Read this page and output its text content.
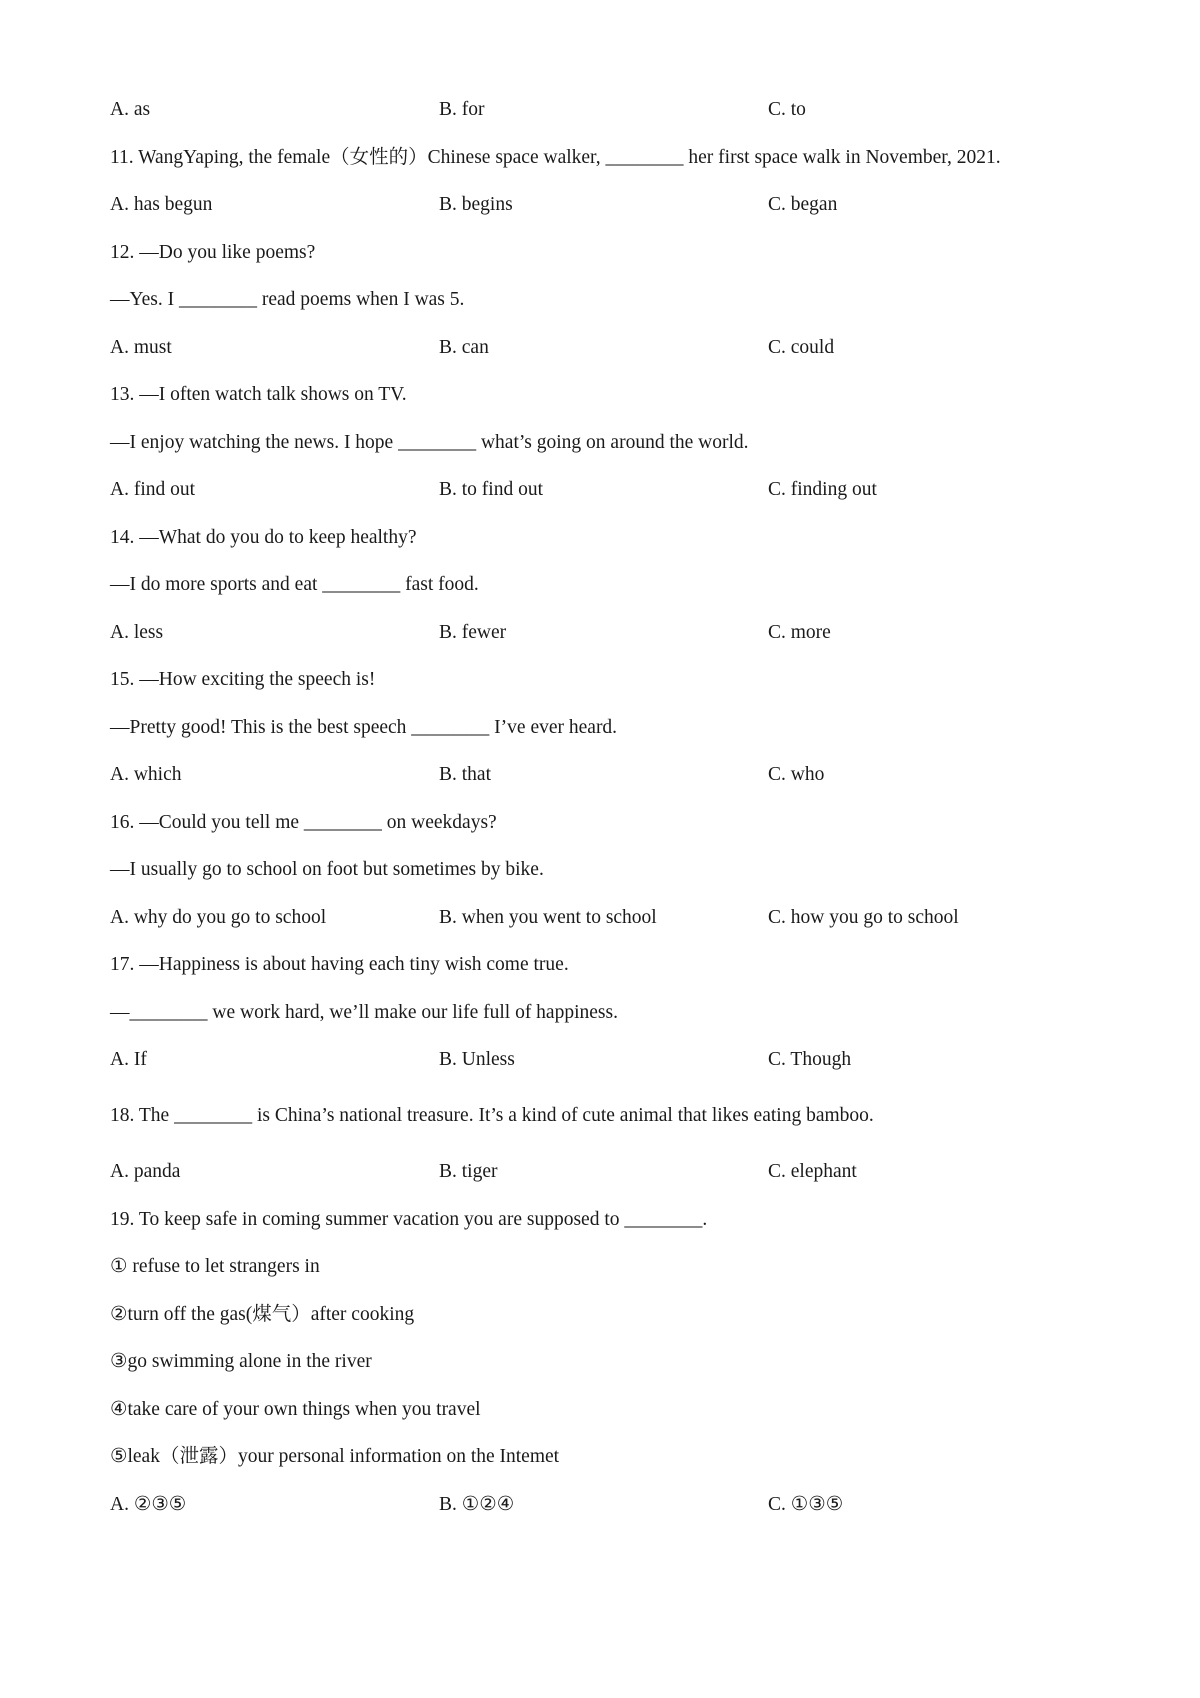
A. as	B. for	C. to
11. WangYaping, the female（女性的）Chinese space walker, ________ her first space walk in November, 2021.
A. has begun	B. begins	C. began
12. —Do you like poems?
—Yes. I ________ read poems when I was 5.
A. must	B. can	C. could
13. —I often watch talk shows on TV.
—I enjoy watching the news. I hope ________ what’s going on around the world.
A. find out	B. to find out	C. finding out
14. —What do you do to keep healthy?
—I do more sports and eat ________ fast food.
A. less	B. fewer	C. more
15. —How exciting the speech is!
—Pretty good! This is the best speech ________ I’ve ever heard.
A. which	B. that	C. who
16. —Could you tell me ________ on weekdays?
—I usually go to school on foot but sometimes by bike.
A. why do you go to school	B. when you went to school	C. how you go to school
17. —Happiness is about having each tiny wish come true.
—________ we work hard, we’ll make our life full of happiness.
A. If	B. Unless	C. Though
18. The ________ is China’s national treasure. It’s a kind of cute animal that likes eating bamboo.
A. panda	B. tiger	C. elephant
19. To keep safe in coming summer vacation you are supposed to ________.
① refuse to let strangers in
②turn off the gas(煤气）after cooking
③go swimming alone in the river
④take care of your own things when you travel
⑤leak（泄露）your personal information on the Intemet
A. ②③⑤	B. ①②④	C. ①③⑤
